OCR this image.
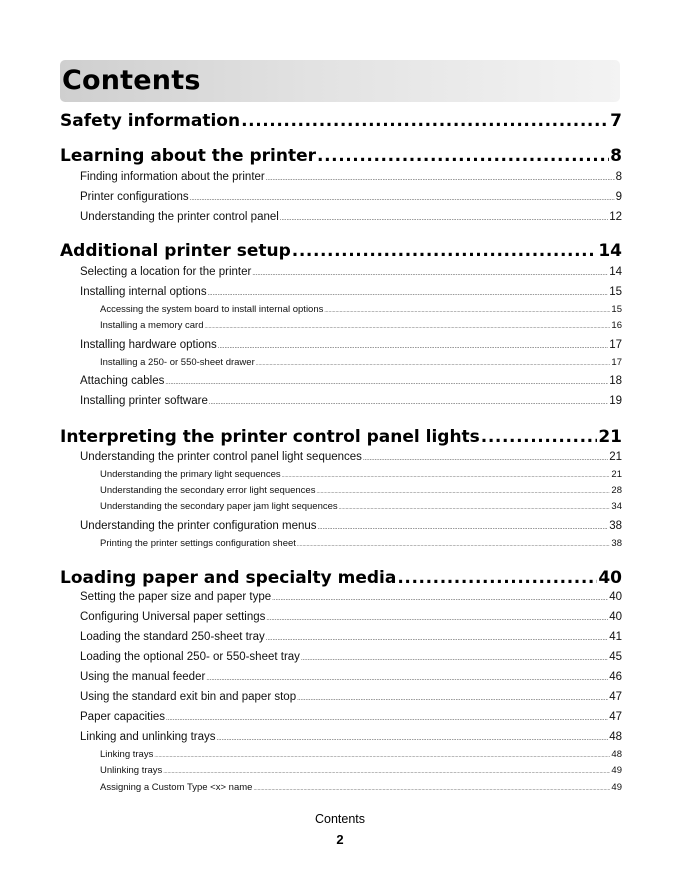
Contents
Safety information .....	7
Learning about the printer .....	8
Finding information about the printer .....	8
Printer configurations .....	9
Understanding the printer control panel .....	12
Additional printer setup .....	14
Selecting a location for the printer .....	14
Installing internal options .....	15
Accessing the system board to install internal options .....	15
Installing a memory card .....	16
Installing hardware options .....	17
Installing a 250- or 550-sheet drawer .....	17
Attaching cables .....	18
Installing printer software .....	19
Interpreting the printer control panel lights .....	21
Understanding the printer control panel light sequences .....	21
Understanding the primary light sequences .....	21
Understanding the secondary error light sequences .....	28
Understanding the secondary paper jam light sequences .....	34
Understanding the printer configuration menus .....	38
Printing the printer settings configuration sheet .....	38
Loading paper and specialty media .....	40
Setting the paper size and paper type .....	40
Configuring Universal paper settings .....	40
Loading the standard 250-sheet tray .....	41
Loading the optional 250- or 550-sheet tray .....	45
Using the manual feeder .....	46
Using the standard exit bin and paper stop .....	47
Paper capacities .....	47
Linking and unlinking trays .....	48
Linking trays .....	48
Unlinking trays .....	49
Assigning a Custom Type <x> name .....	49
Contents
2
